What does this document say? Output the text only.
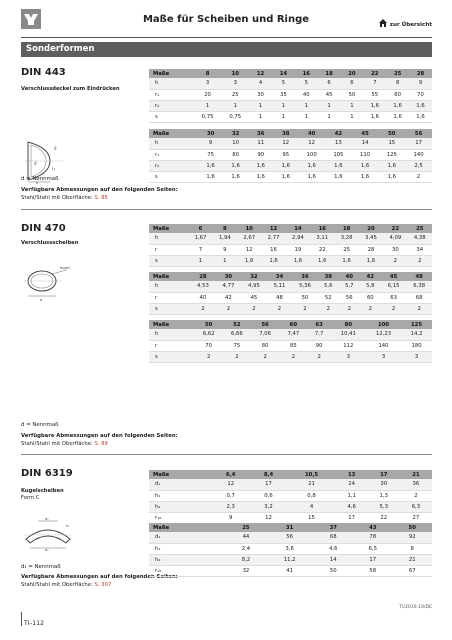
Maße für Scheiben und Ringe	zur Übersicht
Sonderformen
DIN 443
Verschlussdeckel zum Eindrücken
S
d
r₁
h
d = Nennmaß
Verfügbare Abmessungen auf den folgenden Seiten:
Stahl/Stahl mit Oberfläche: S. 85
Maße	8	10	12	14	16	18	20	22	25	28
h	3	3	4	5	5	6	6	7	8	9
r₁	20	25	30	35	40	45	50	55	60	70
r₂	1	1	1	1	1	1	1	1,6	1,6	1,6
s	0,75	0,75	1	1	1	1	1	1,6	1,6	1,6
Maße	30	32	36	38	40	42	45	50	56
h	9	10	11	12	12	13	14	15	17
r₁	75	80	90	95	100	105	110	125	140
r₂	1,6	1,6	1,6	1,6	1,6	1,6	1,6	1,6	2,5
s	1,6	1,6	1,6	1,6	1,6	1,6	1,6	1,6	2
DIN 470
Verschlussscheiben
Kugel
d
d = Nennmaß
Verfügbare Abmessungen auf den folgenden Seiten:
Stahl/Stahl mit Oberfläche: S. 89
Maße	6	8	10	12	14	16	18	20	22	25
h	1,67	1,94	2,67	2,77	2,94	3,11	3,28	3,45	4,09	4,38
r	7	9	12	16	19	22	25	28	30	34
s	1	1	1,6	1,6	1,6	1,6	1,6	1,6	2	2
Maße	28	30	32	34	36	38	40	42	45	48
h	4,53	4,77	4,95	5,11	5,36	5,6	5,7	5,8	6,15	6,38
r	40	42	45	48	50	52	56	60	63	68
s	2	2	2	2	2	2	2	2	2	2
Maße	50	52	56	60	63	80	100	125
h	6,62	6,66	7,06	7,47	7,7	10,41	12,23	14,2
r	70	75	80	85	90	112	140	180
s	2	2	2	2	2	3	3	3
DIN 6319
Kugelscheiben
Form C
d₁
d₂
h₂
d₁ = Nennmaß
Verfügbare Abmessungen auf den folgenden Seiten:
Stahl/Stahl mit Oberfläche: S. 307
Maße	6,4	8,4	10,5	13	17	21
d₁	12	17	21	24	30	36
h₁	0,7	0,6	0,8	1,1	1,3	2
h₂	2,3	3,2	4	4,6	5,3	6,3
r₁₅	9	12	15	17	22	27
Maße	25	31	37	43	50
d₁	44	56	68	78	92
h₁	2,4	3,6	4,6	6,5	8
h₂	8,2	11,2	14	17	21
r₁₅	32	41	50	58	67
TI/2019.10/DE
TI–112
